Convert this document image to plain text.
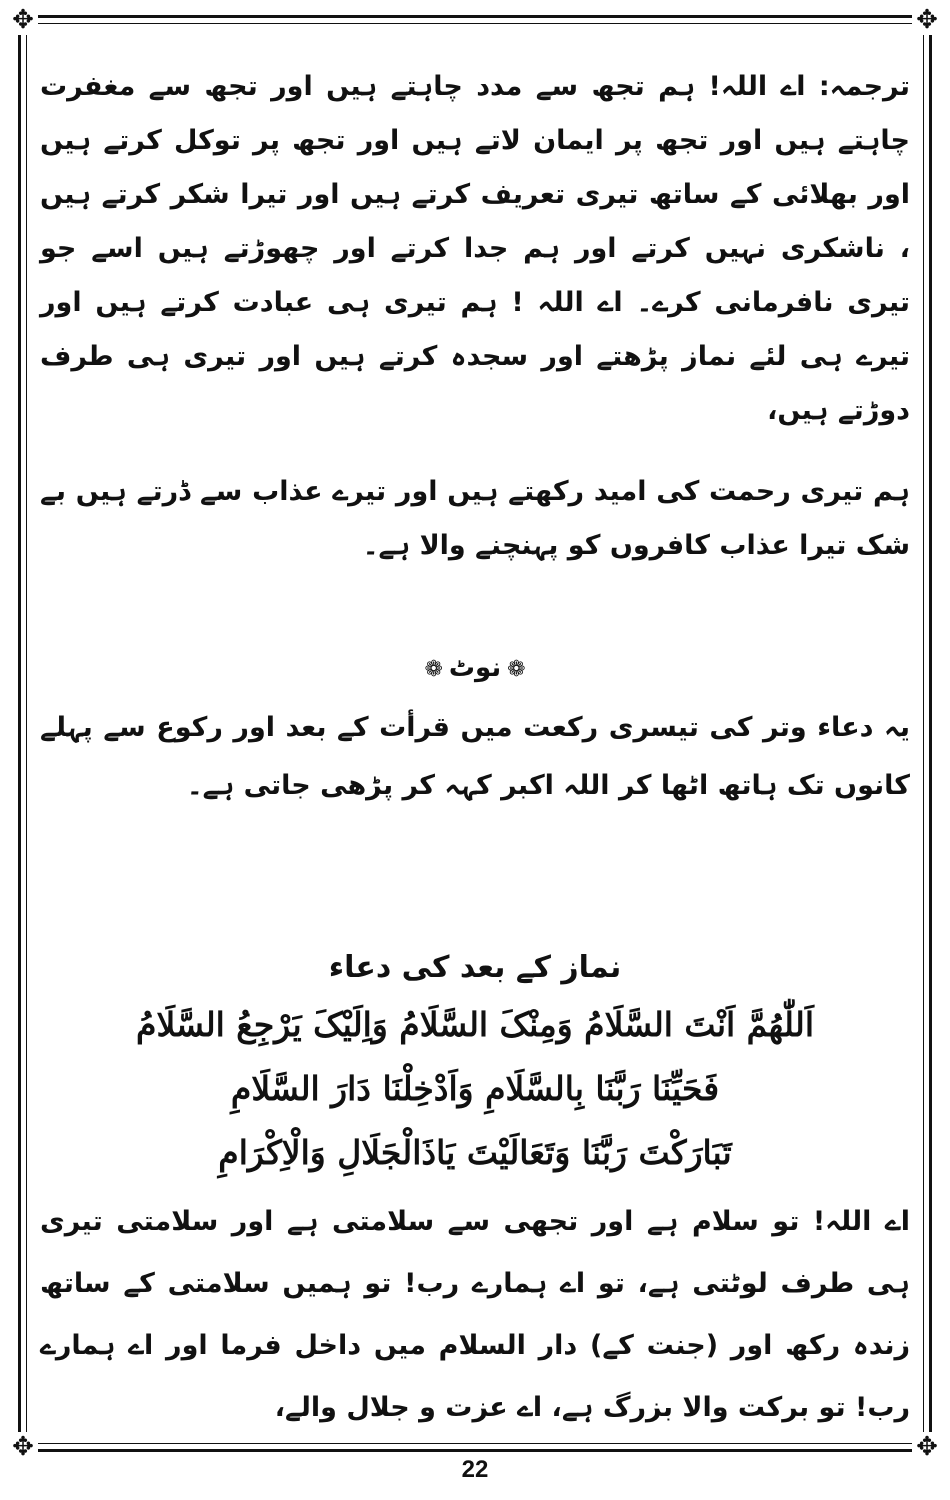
✥	✥
✥	✥

ترجمہ: اے اللہ! ہم تجھ سے مدد چاہتے ہیں اور تجھ سے مغفرت چاہتے ہیں اور تجھ پر ایمان لاتے ہیں اور تجھ پر توکل کرتے ہیں اور بھلائی کے ساتھ تیری تعریف کرتے ہیں اور تیرا شکر کرتے ہیں ، ناشکری نہیں کرتے اور ہم جدا کرتے اور چھوڑتے ہیں اسے جو تیری نافرمانی کرے۔ اے اللہ ! ہم تیری ہی عبادت کرتے ہیں اور تیرے ہی لئے نماز پڑھتے اور سجدہ کرتے ہیں اور تیری ہی طرف دوڑتے ہیں،

ہم تیری رحمت کی امید رکھتے ہیں اور تیرے عذاب سے ڈرتے ہیں بے شک تیرا عذاب کافروں کو پہنچنے والا ہے۔

❁نوٹ❁

یہ دعاء وتر کی تیسری رکعت میں قرأت کے بعد اور رکوع سے پہلے کانوں تک ہاتھ اٹھا کر اللہ اکبر کہہ کر پڑھی جاتی ہے۔

نماز کے بعد کی دعاء
اَللّٰھُمَّ اَنْتَ السَّلَامُ وَمِنْکَ السَّلَامُ وَاِلَیْکَ یَرْجِعُ السَّلَامُ
فَحَیِّنَا رَبَّنَا بِالسَّلَامِ وَاَدْخِلْنَا دَارَ السَّلَامِ
تَبَارَکْتَ رَبَّنَا وَتَعَالَیْتَ یَاذَالْجَلَالِ وَالْاِکْرَامِ

اے اللہ! تو سلام ہے اور تجھی سے سلامتی ہے اور سلامتی تیری ہی طرف لوٹتی ہے، تو اے ہمارے رب! تو ہمیں سلامتی کے ساتھ زندہ رکھ اور (جنت کے) دار السلام میں داخل فرما اور اے ہمارے رب! تو برکت والا بزرگ ہے، اے عزت و جلال والے،

22
